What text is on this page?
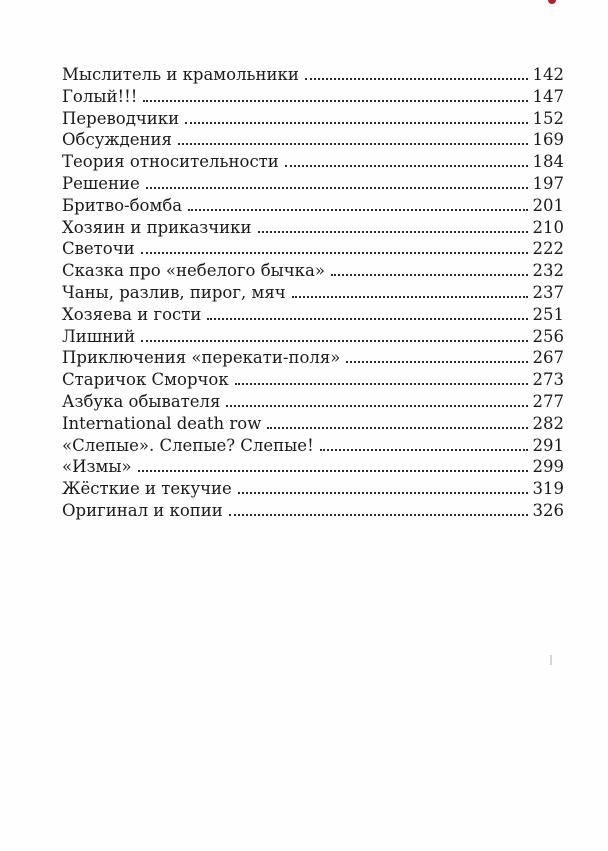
Мыслитель и крамольники	142
Голый!!!	147
Переводчики	152
Обсуждения	169
Теория относительности	184
Решение	197
Бритво-бомба	201
Хозяин и приказчики	210
Светочи	222
Сказка про «небелого бычка»	232
Чаны, разлив, пирог, мяч	237
Хозяева и гости	251
Лишний	256
Приключения «перекати-поля»	267
Старичок Сморчок	273
Азбука обывателя	277
International death row	282
«Слепые». Слепые? Слепые!	291
«Измы»	299
Жёсткие и текучие	319
Оригинал и копии	326
